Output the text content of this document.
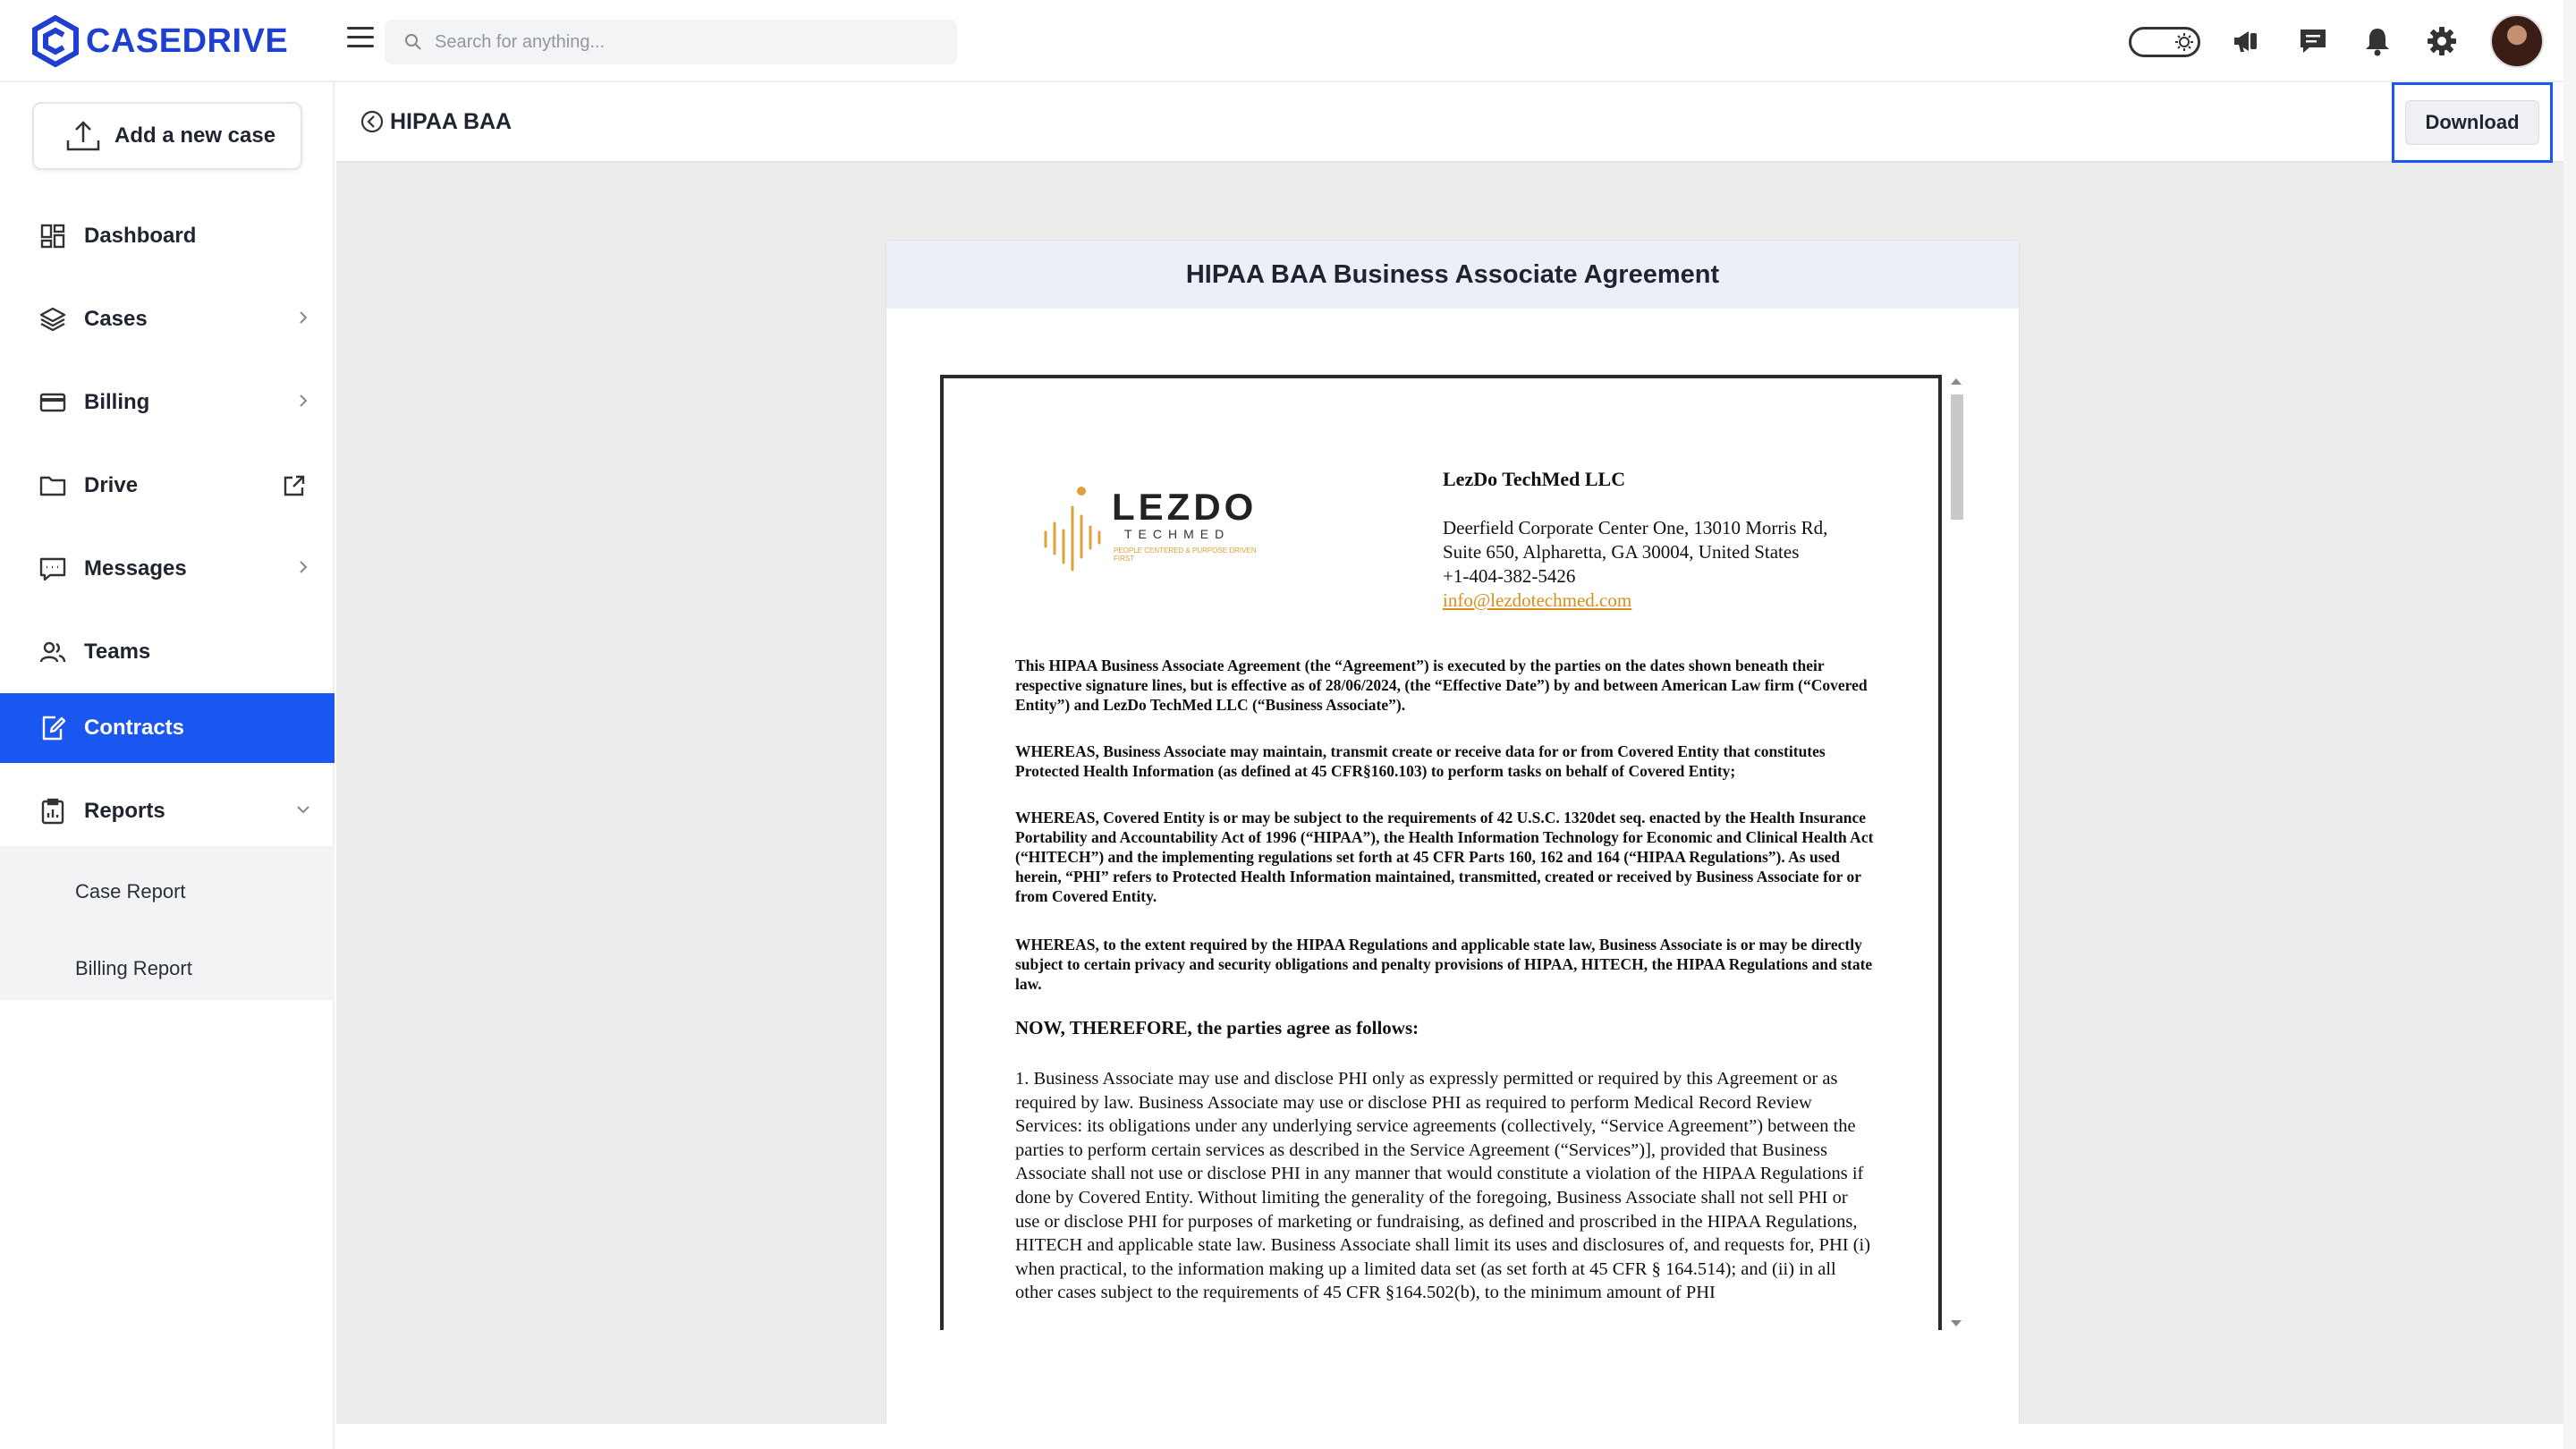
CASEDRIVE
Search for anything...
Add a new case
Dashboard
Cases
Billing
Drive
Messages
Teams
Contracts
Reports
Case Report
Billing Report
HIPAA BAA	Download
HIPAA BAA Business Associate Agreement
LEZDO
TECHMED
PEOPLE CENTERED & PURPOSE DRIVEN FIRST
LezDo TechMed LLC
Deerfield Corporate Center One, 13010 Morris Rd,
Suite 650, Alpharetta, GA 30004, United States
+1-404-382-5426
info@lezdotechmed.com
This HIPAA Business Associate Agreement (the “Agreement”) is executed by the parties on the dates shown beneath their respective signature lines, but is effective as of 28/06/2024, (the “Effective Date”) by and between American Law firm (“Covered Entity”) and LezDo TechMed LLC (“Business Associate”).
WHEREAS, Business Associate may maintain, transmit create or receive data for or from Covered Entity that constitutes Protected Health Information (as defined at 45 CFR§160.103) to perform tasks on behalf of Covered Entity;
WHEREAS, Covered Entity is or may be subject to the requirements of 42 U.S.C. 1320det seq. enacted by the Health Insurance Portability and Accountability Act of 1996 (“HIPAA”), the Health Information Technology for Economic and Clinical Health Act (“HITECH”) and the implementing regulations set forth at 45 CFR Parts 160, 162 and 164 (“HIPAA Regulations”). As used herein, “PHI” refers to Protected Health Information maintained, transmitted, created or received by Business Associate for or from Covered Entity.
WHEREAS, to the extent required by the HIPAA Regulations and applicable state law, Business Associate is or may be directly subject to certain privacy and security obligations and penalty provisions of HIPAA, HITECH, the HIPAA Regulations and state law.
NOW, THEREFORE, the parties agree as follows:
1. Business Associate may use and disclose PHI only as expressly permitted or required by this Agreement or as required by law. Business Associate may use or disclose PHI as required to perform Medical Record Review Services: its obligations under any underlying service agreements (collectively, “Service Agreement”) between the parties to perform certain services as described in the Service Agreement (“Services”)], provided that Business Associate shall not use or disclose PHI in any manner that would constitute a violation of the HIPAA Regulations if done by Covered Entity. Without limiting the generality of the foregoing, Business Associate shall not sell PHI or use or disclose PHI for purposes of marketing or fundraising, as defined and proscribed in the HIPAA Regulations, HITECH and applicable state law. Business Associate shall limit its uses and disclosures of, and requests for, PHI (i) when practical, to the information making up a limited data set (as set forth at 45 CFR § 164.514); and (ii) in all other cases subject to the requirements of 45 CFR §164.502(b), to the minimum amount of PHI
